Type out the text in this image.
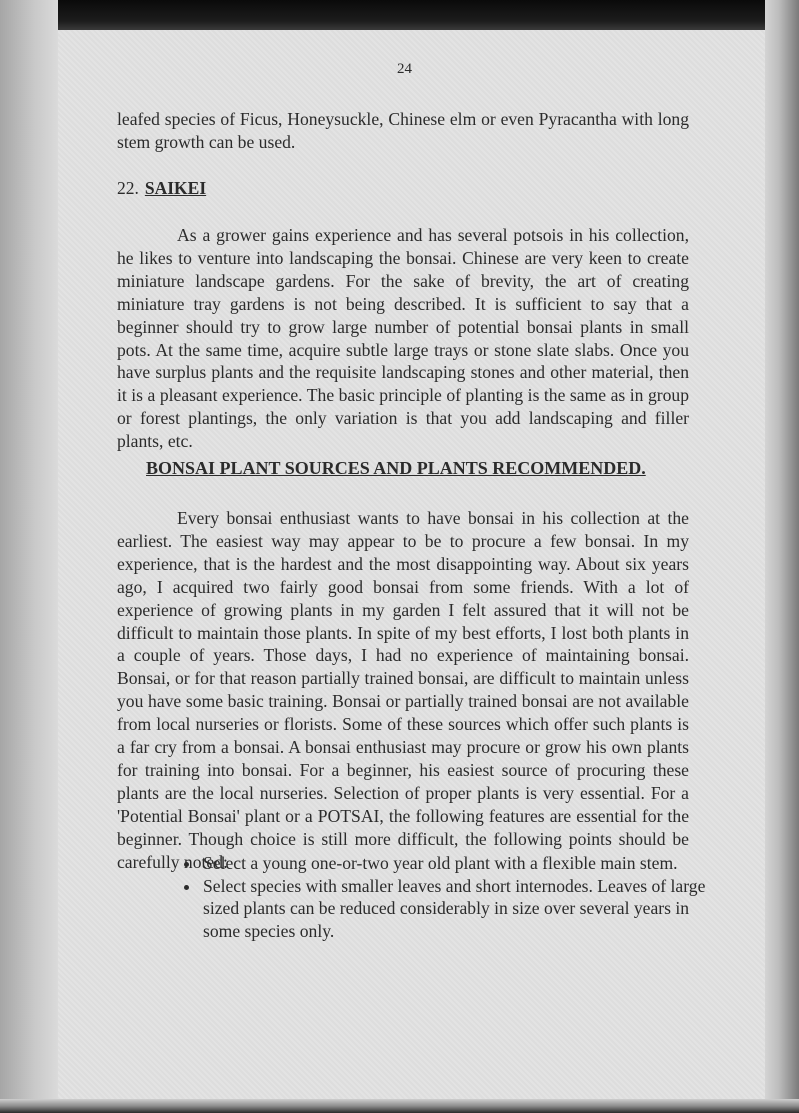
24

leafed species of Ficus, Honeysuckle, Chinese elm or even Pyracantha with long stem growth can be used.

22. SAIKEI

As a grower gains experience and has several potsois in his collection, he likes to venture into landscaping the bonsai. Chinese are very keen to create miniature landscape gardens. For the sake of brevity, the art of creating miniature tray gardens is not being described. It is sufficient to say that a beginner should try to grow large number of potential bonsai plants in small pots. At the same time, acquire subtle large trays or stone slate slabs. Once you have surplus plants and the requisite landscaping stones and other material, then it is a pleasant experience. The basic principle of planting is the same as in group or forest plantings, the only variation is that you add landscaping and filler plants, etc.

BONSAI PLANT SOURCES AND PLANTS RECOMMENDED.

Every bonsai enthusiast wants to have bonsai in his collection at the earliest. The easiest way may appear to be to procure a few bonsai. In my experience, that is the hardest and the most disappointing way. About six years ago, I acquired two fairly good bonsai from some friends. With a lot of experience of growing plants in my garden I felt assured that it will not be difficult to maintain those plants. In spite of my best efforts, I lost both plants in a couple of years. Those days, I had no experience of maintaining bonsai. Bonsai, or for that reason partially trained bonsai, are difficult to maintain unless you have some basic training. Bonsai or partially trained bonsai are not available from local nurseries or florists. Some of these sources which offer such plants is a far cry from a bonsai. A bonsai enthusiast may procure or grow his own plants for training into bonsai. For a beginner, his easiest source of procuring these plants are the local nurseries. Selection of proper plants is very essential. For a 'Potential Bonsai' plant or a POTSAI, the following features are essential for the beginner. Though choice is still more difficult, the following points should be carefully noted:

• Select a young one-or-two year old plant with a flexible main stem.
• Select species with smaller leaves and short internodes. Leaves of large sized plants can be reduced considerably in size over several years in some species only.
